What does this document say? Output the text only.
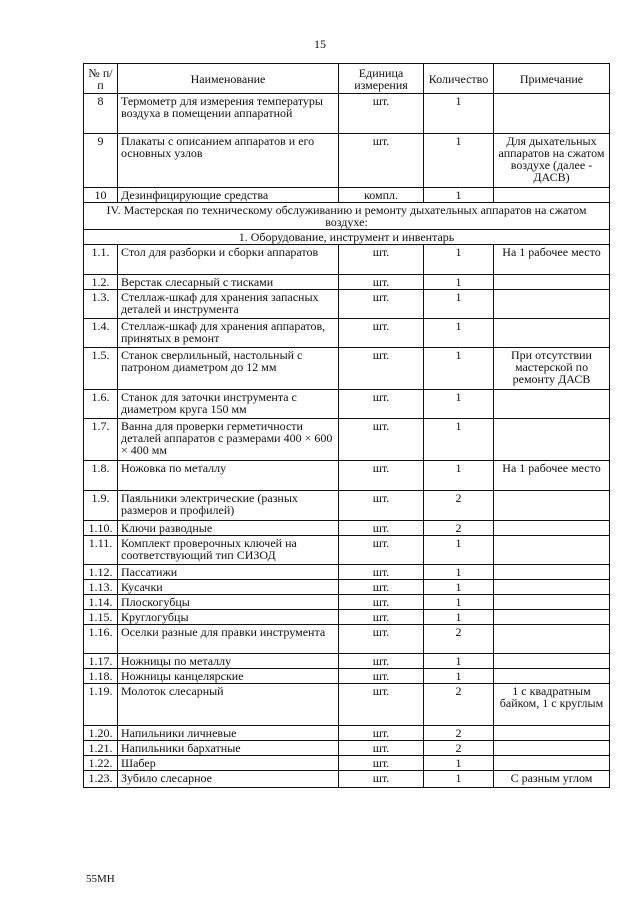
15
№ п/п	Наименование	Единица измерения	Количество	Примечание
8	Термометр для измерения температуры воздуха в помещении аппаратной	шт.	1	
9	Плакаты с описанием аппаратов и его основных узлов	шт.	1	Для дыхательных аппаратов на сжатом воздухе (далее - ДАСВ)
10	Дезинфицирующие средства	компл.	1	
IV. Мастерская по техническому обслуживанию и ремонту дыхательных аппаратов на сжатом воздухе:				
1. Оборудование, инструмент и инвентарь				
1.1.	Стол для разборки и сборки аппаратов	шт.	1	На 1 рабочее место
1.2.	Верстак слесарный с тисками	шт.	1	
1.3.	Стеллаж-шкаф для хранения запасных деталей и инструмента	шт.	1	
1.4.	Стеллаж-шкаф для хранения аппаратов, принятых в ремонт	шт.	1	
1.5.	Станок сверлильный, настольный с патроном диаметром до 12 мм	шт.	1	При отсутствии мастерской по ремонту ДАСВ
1.6.	Станок для заточки инструмента с диаметром круга 150 мм	шт.	1	
1.7.	Ванна для проверки герметичности деталей аппаратов с размерами 400 × 600 × 400 мм	шт.	1	
1.8.	Ножовка по металлу	шт.	1	На 1 рабочее место
1.9.	Паяльники электрические (разных размеров и профилей)	шт.	2	
1.10.	Ключи разводные	шт.	2	
1.11.	Комплект проверочных ключей на соответствующий тип СИЗОД	шт.	1	
1.12.	Пассатижи	шт.	1	
1.13.	Кусачки	шт.	1	
1.14.	Плоскогубцы	шт.	1	
1.15.	Круглогубцы	шт.	1	
1.16.	Оселки разные для правки инструмента	шт.	2	
1.17.	Ножницы по металлу	шт.	1	
1.18.	Ножницы канцелярские	шт.	1	
1.19.	Молоток слесарный	шт.	2	1 с квадратным байком, 1 с круглым
1.20.	Напильники личневые	шт.	2	
1.21.	Напильники бархатные	шт.	2	
1.22.	Шабер	шт.	1	
1.23.	Зубило слесарное	шт.	1	С разным углом
55МН
